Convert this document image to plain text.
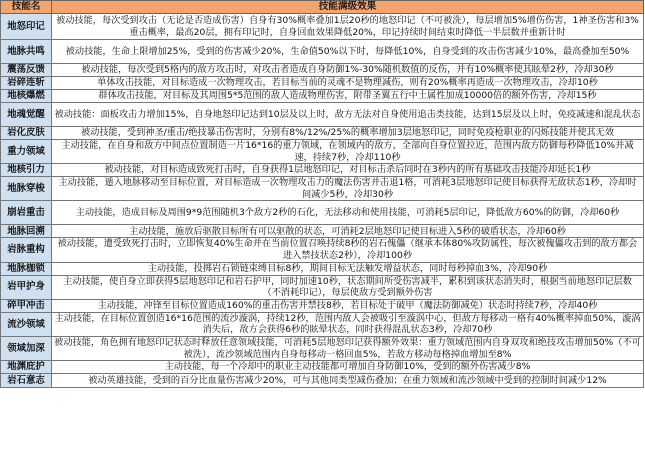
技能名	技能满级效果
地怒印记	被动技能，每次受到攻击（无论是否造成伤害）自身有30%概率叠加1层20秒的地怒印记（不可被洗），每层增加5%增伤伤害，1神圣伤害和3%重击概率，最高20层，拥有印记时，自身回血效果降低20%，印记持续时间结束时降低一半层数并重新计时
地脉共鸣	被动技能，生命上限增加25%，受到的伤害减少20%，生命值50%以下时，每降低10%，自身受到的攻击伤害减少10%，最高叠加至50%
震荡反馈	被动技能，每次受到5格内的敌方攻击时，对攻击者造成自身防御1%-30%随机数值的反伤，并有10%概率使其眩晕2秒，冷却30秒
岩碎连斩	单体攻击技能，对目标造成一次物理攻击，若目标当前的灵魂不是物理减伤，则有20%概率再造成一次物理攻击，冷却10秒
地核爆燃	群体攻击技能，对目标及其周围5*5范围的敌人造成物理伤害，附带圣翼五行中土属性加成10000倍的额外伤害，冷却15秒
地魂觉醒	被动技能：面板攻击力增加15%，自身地怒印记达到10层及以上时，敌方无法对自身使用追击类技能，达到15层及以上时，免疫减速和混乱状态
岩化皮肤	被动技能，受到神圣/重击/绝技暴击伤害时，分别有8%/12%/25%的概率增加3层地怒印记，同时免疫枪职业的闪烁技能并使其无效
重力领域	主动技能，在自身和敌方中间点位置制造一片16*16的重力领域，在领域内的敌方，全部向自身位置拉近，范围内敌方防御每秒降低10%并减速，持续7秒，冷却110秒
地核引力	被动技能，对目标造成致死打击时，自身获得1层地怒印记，对目标击杀后同时在3秒内的所有基础攻击技能冷却延长1秒
地脉穿梭	主动技能，遁入地脉移动至目标位置，对目标造成一次物理攻击力的魔法伤害并击退1格，可消耗3层地怒印记使目标获得无敌状态1秒，冷却时间减少5秒，冷却30秒
崩岩重击	主动技能，造成目标及周围9*9范围随机3个敌方2秒的石化，无法移动和使用技能，可消耗5层印记，降低敌方60%的防御，冷却60秒
地脉回溯	主动技能，施放后驱散目标所有可以驱散的状态，可消耗2层地怒印记使目标进入5秒的破盾状态，冷却60秒
岩脉重构	被动技能，遭受致死打击时，立即恢复40%生命并在当前位置召唤持续8秒的岩石傀儡（继承本体80%攻防属性，每次被傀儡攻击到的敌方都会进入禁技状态2秒），冷却100秒
地脉枷锁	主动技能，投掷岩石锁链束缚目标8秒，期间目标无法触发增益状态，同时每秒掉血3%，冷却90秒
岩甲护身	主动技能，使自身立即获得5层地怒印记和岩石护甲，同时加速10秒，状态期间所受伤害减半，累积到该状态消失时，根据当前地怒印记层数（不消耗印记），每层使敌方受到额外伤害
碎甲冲击	主动技能，冲锋至目标位置造成160%的重击伤害并禁技8秒，若目标处于破甲（魔法防御减免）状态时持续7秒，冷却40秒
流沙领域	主动技能，在目标位置创造16*16范围的流沙漩涡，持续12秒，范围内敌人会被吸引至漩涡中心，但敌方每移动一格有40%概率掉血50%，漩涡消失后，敌方会获得6秒的眩晕状态，同时获得混乱状态3秒，冷却70秒
领域加深	被动技能，角色拥有地怒印记状态时释放任意领域技能，可消耗5层地怒印记获得额外效果：重力领域范围内自身双攻和绝技攻击增加50%（不可被洗），流沙领域范围内自身每移动一格回血5%，若敌方移动每格掉血增加至8%
地渊庇护	主动技能，每一个冷却中的职业主动技能都可增加自身防御10%，受到的额外伤害减少8%
岩石意志	被动英雄技能，受到的百分比血量伤害减少20%，可与其他同类型减伤叠加；在重力领域和流沙领域中受到的控制时间减少12%
